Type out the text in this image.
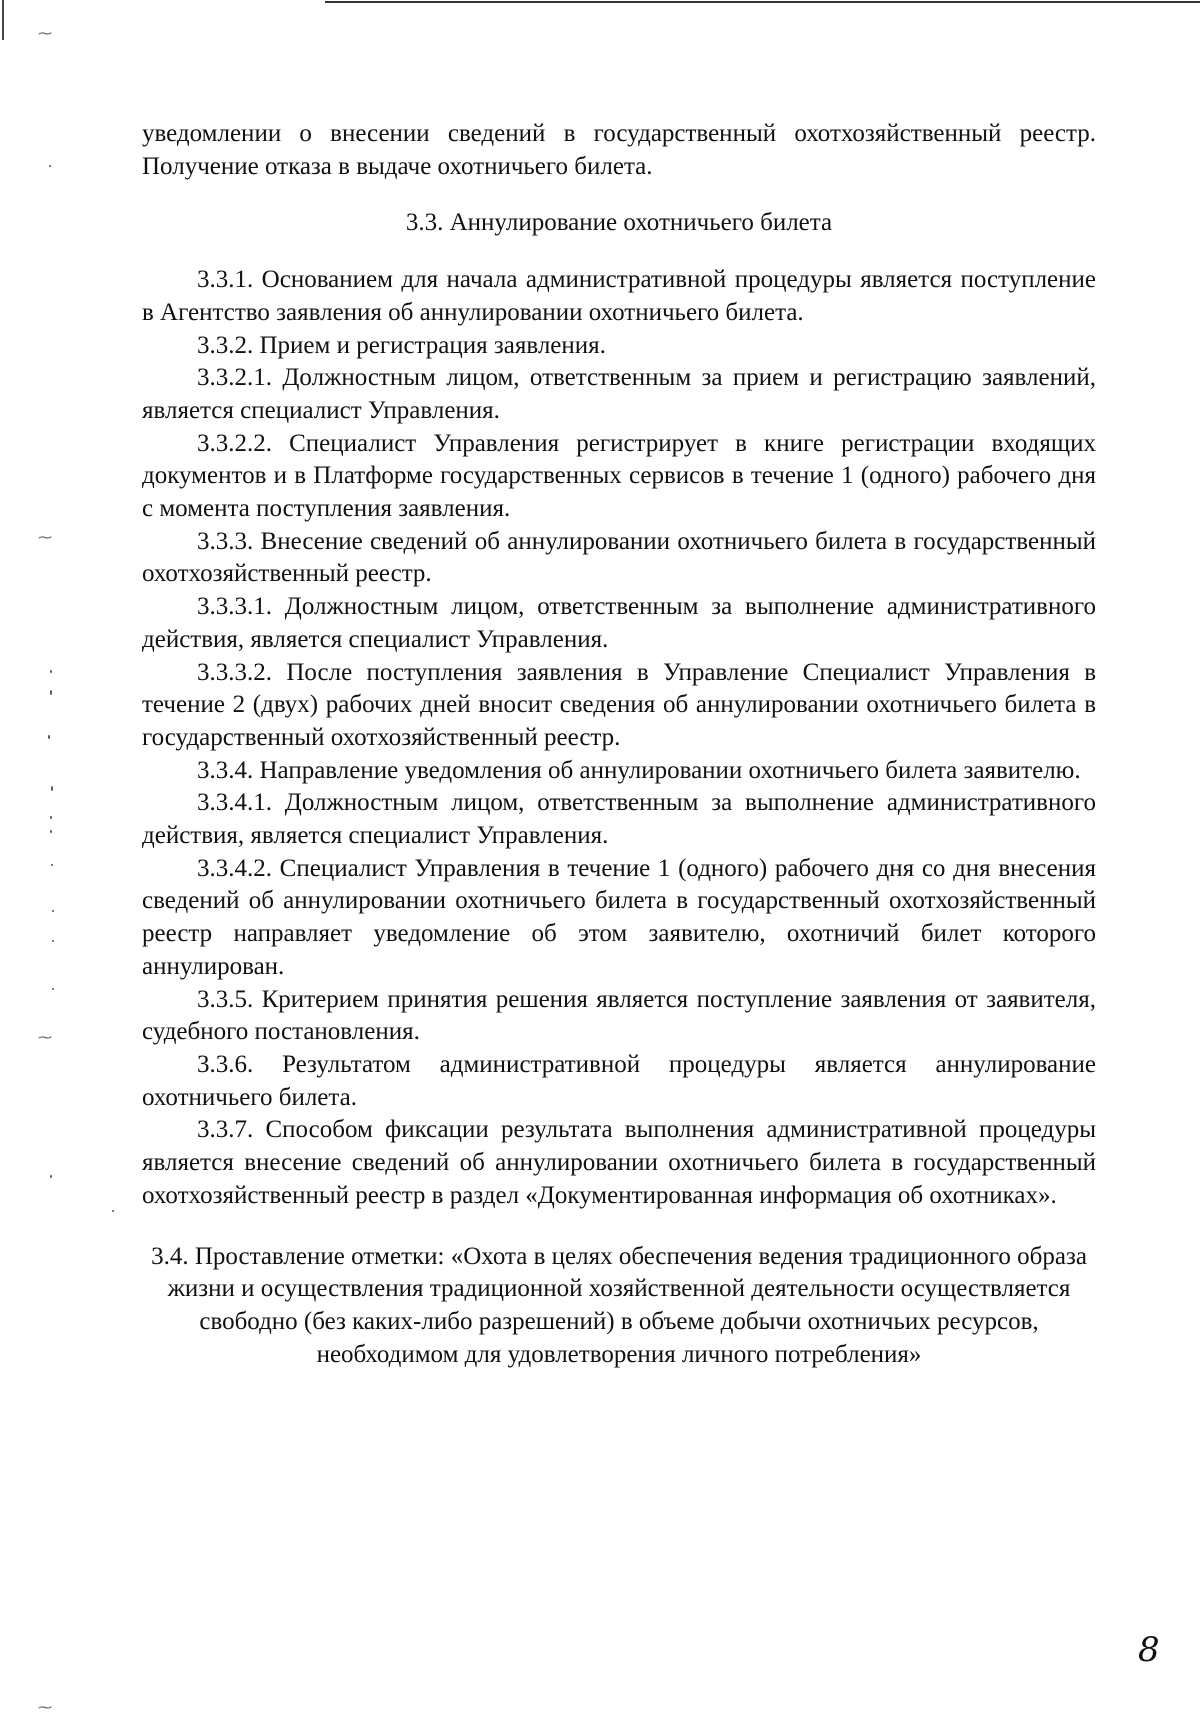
⁓
⁓
⁓
⁓

уведомлении о внесении сведений в государственный охотхозяйственный реестр. Получение отказа в выдаче охотничьего билета.

3.3. Аннулирование охотничьего билета

3.3.1. Основанием для начала административной процедуры является поступление в Агентство заявления об аннулировании охотничьего билета.

3.3.2. Прием и регистрация заявления.

3.3.2.1. Должностным лицом, ответственным за прием и регистрацию заявлений, является специалист Управления.

3.3.2.2. Специалист Управления регистрирует в книге регистрации входящих документов и в Платформе государственных сервисов в течение 1 (одного) рабочего дня с момента поступления заявления.

3.3.3. Внесение сведений об аннулировании охотничьего билета в государственный охотхозяйственный реестр.

3.3.3.1. Должностным лицом, ответственным за выполнение административного действия, является специалист Управления.

3.3.3.2. После поступления заявления в Управление Специалист Управления в течение 2 (двух) рабочих дней вносит сведения об аннулировании охотничьего билета в государственный охотхозяйственный реестр.

3.3.4. Направление уведомления об аннулировании охотничьего билета заявителю.

3.3.4.1. Должностным лицом, ответственным за выполнение административного действия, является специалист Управления.

3.3.4.2. Специалист Управления в течение 1 (одного) рабочего дня со дня внесения сведений об аннулировании охотничьего билета в государственный охотхозяйственный реестр направляет уведомление об этом заявителю, охотничий билет которого аннулирован.

3.3.5. Критерием принятия решения является поступление заявления от заявителя, судебного постановления.

3.3.6. Результатом административной процедуры является аннулирование охотничьего билета.

3.3.7. Способом фиксации результата выполнения административной процедуры является внесение сведений об аннулировании охотничьего билета в государственный охотхозяйственный реестр в раздел «Документированная информация об охотниках».

3.4. Проставление отметки: «Охота в целях обеспечения ведения традиционного образа жизни и осуществления традиционной хозяйственной деятельности осуществляется свободно (без каких-либо разрешений) в объеме добычи охотничьих ресурсов, необходимом для удовлетворения личного потребления»

8
